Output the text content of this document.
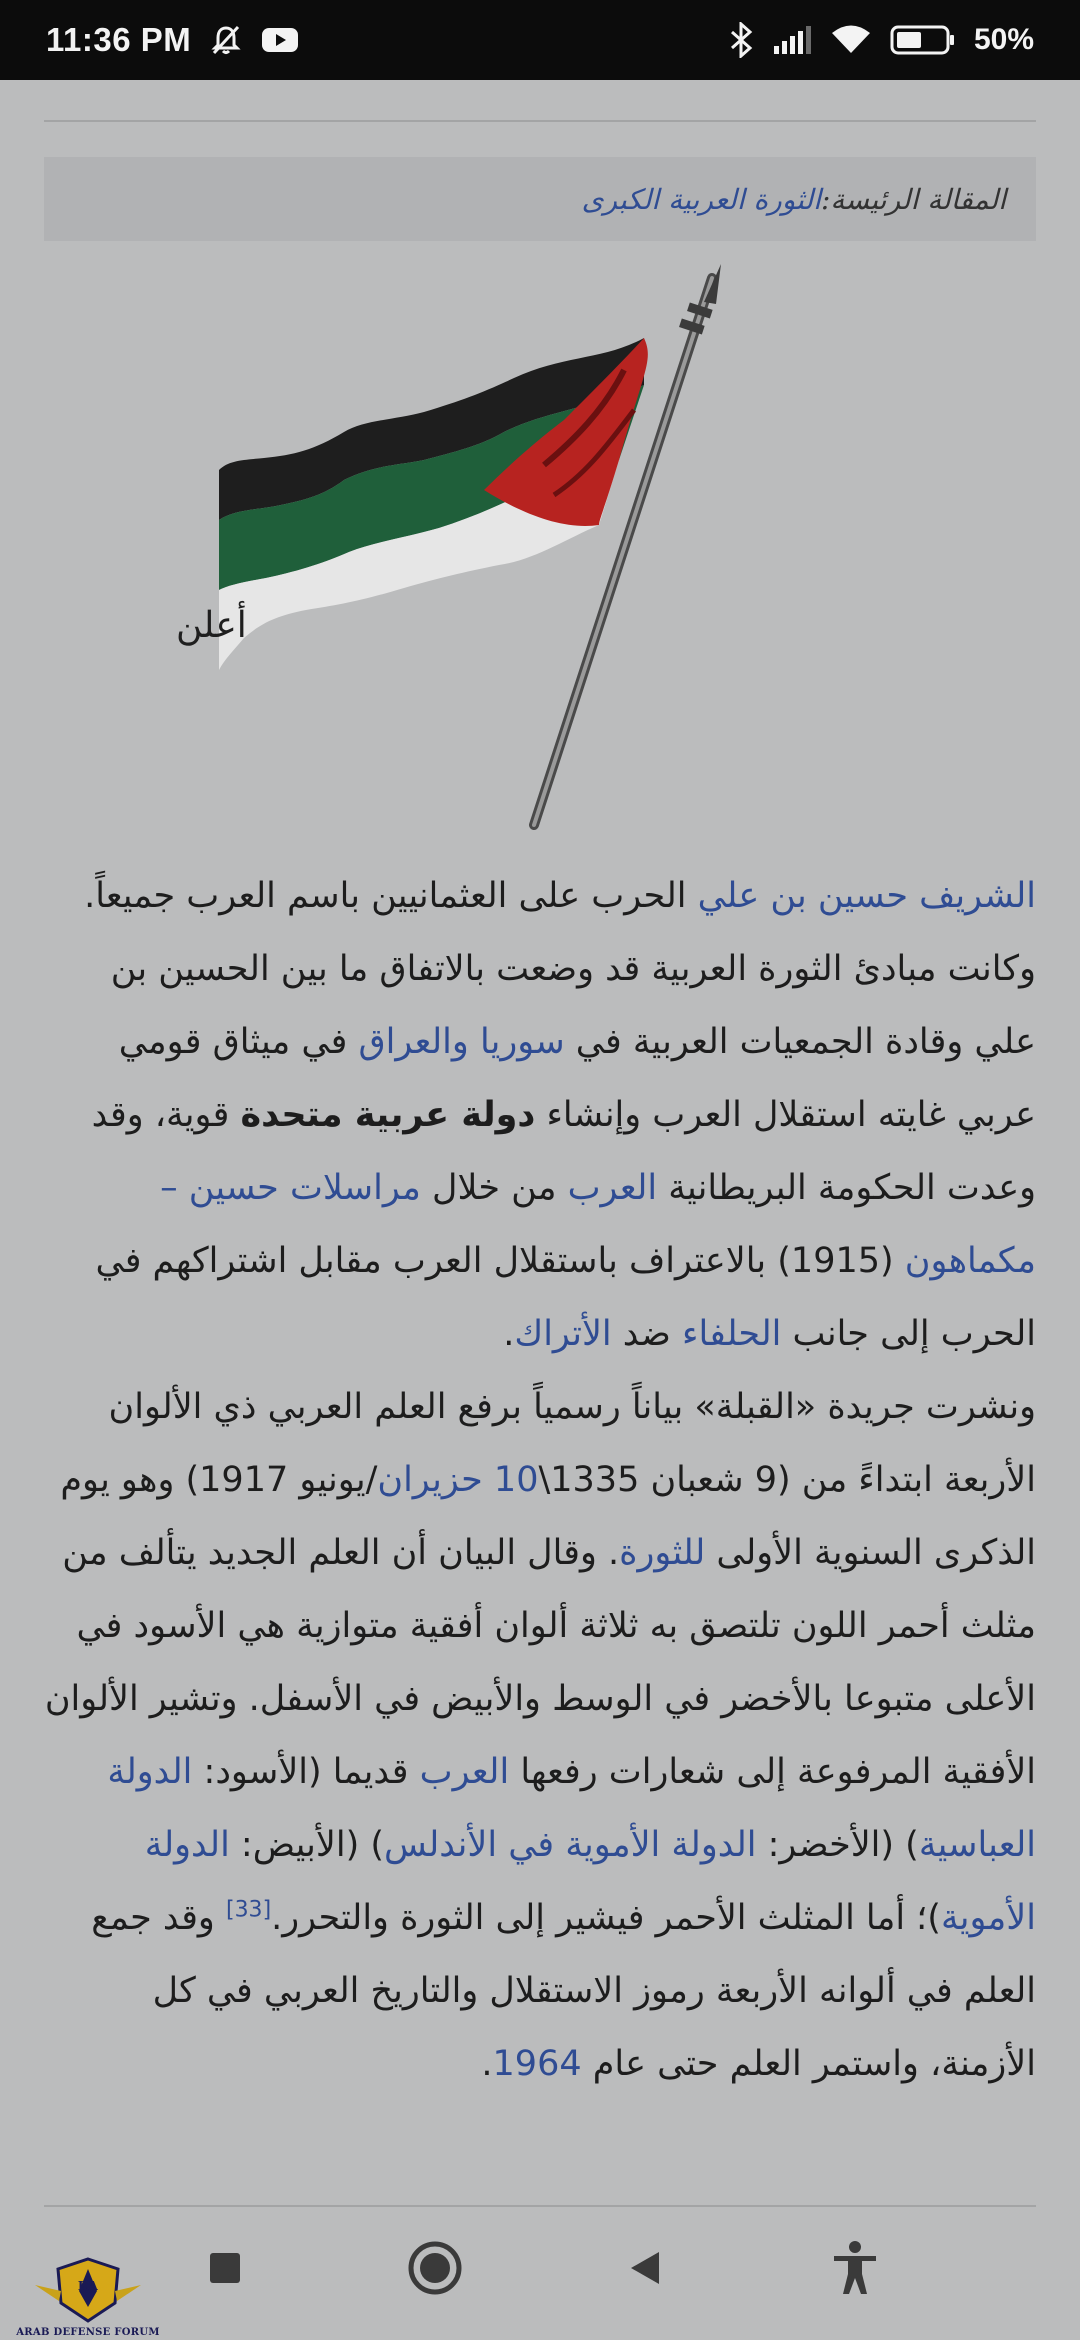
11:36 PM	50%
المقالة الرئيسة:
الثورة العربية الكبرى
أعلن

الشريف حسين بن علي الحرب على العثمانيين باسم العرب جميعاً. وكانت مبادئ الثورة العربية قد وضعت بالاتفاق ما بين الحسين بن علي وقادة الجمعيات العربية في سوريا والعراق في ميثاق قومي عربي غايته استقلال العرب وإنشاء دولة عربية متحدة قوية، وقد وعدت الحكومة البريطانية العرب من خلال مراسلات حسين – مكماهون (1915) بالاعتراف باستقلال العرب مقابل اشتراكهم في الحرب إلى جانب الحلفاء ضد الأتراك.

ونشرت جريدة «القبلة» بياناً رسمياً برفع العلم العربي ذي الألوان الأربعة ابتداءً من (9 شعبان 1335\10 حزيران/يونيو 1917) وهو يوم الذكرى السنوية الأولى للثورة. وقال البيان أن العلم الجديد يتألف من مثلث أحمر اللون تلتصق به ثلاثة ألوان أفقية متوازية هي الأسود في الأعلى متبوعا بالأخضر في الوسط والأبيض في الأسفل. وتشير الألوان الأفقية المرفوعة إلى شعارات رفعها العرب قديما (الأسود: الدولة العباسية) (الأخضر: الدولة الأموية في الأندلس) (الأبيض: الدولة الأموية)؛ أما المثلث الأحمر فيشير إلى الثورة والتحرر.[33] وقد جمع العلم في ألوانه الأربعة رموز الاستقلال والتاريخ العربي في كل الأزمنة، واستمر العلم حتى عام 1964.

DA
ARAB DEFENSE FORUM
